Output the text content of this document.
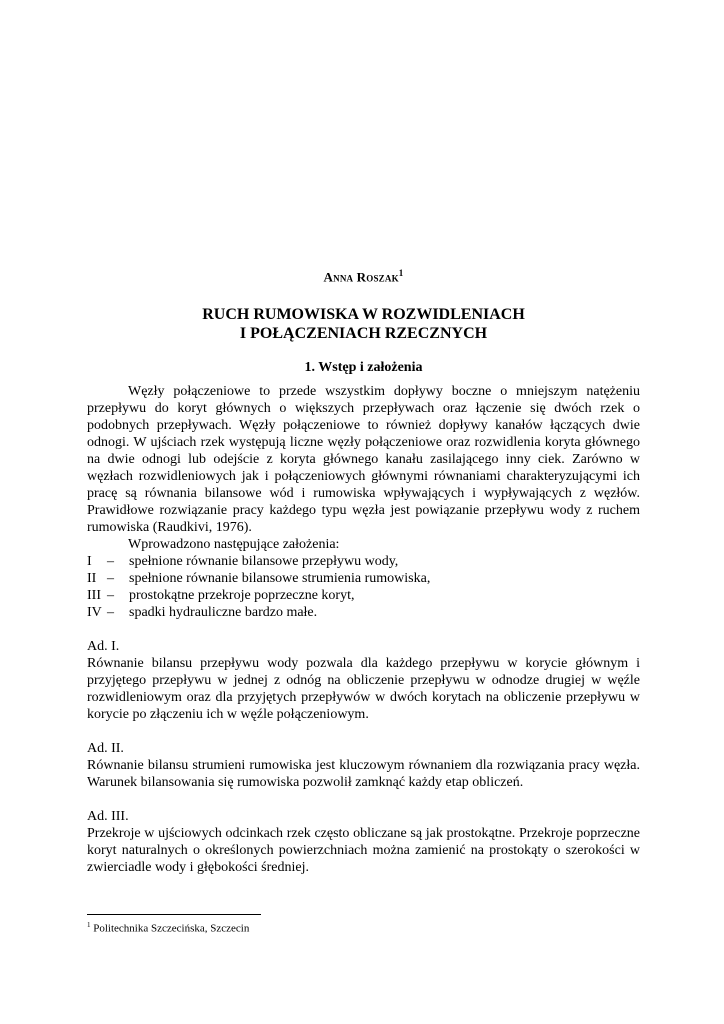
Anna Roszak$^1$
RUCH RUMOWISKA W ROZWIDLENIACH
I POŁĄCZENIACH RZECZNYCH
1. Wstęp i założenia

Węzły połączeniowe to przede wszystkim dopływy boczne o mniejszym natężeniu przepływu do koryt głównych o większych przepływach oraz łączenie się dwóch rzek o podobnych przepływach. Węzły połączeniowe to również dopływy kanałów łączących dwie odnogi. W ujściach rzek występują liczne węzły połączeniowe oraz rozwidlenia koryta głównego na dwie odnogi lub odejście z koryta głównego kanału zasilającego inny ciek. Zarówno w węzłach rozwidleniowych jak i połączeniowych głównymi równaniami charakteryzującymi ich pracę są równania bilansowe wód i rumowiska wpływających i wypływających z węzłów. Prawidłowe rozwiązanie pracy każdego typu węzła jest powiązanie przepływu wody z ruchem rumowiska (Raudkivi, 1976).

Wprowadzono następujące założenia:

I	–	spełnione równanie bilansowe przepływu wody,
II –	spełnione równanie bilansowe strumienia rumowiska,
III –	prostokątne przekroje poprzeczne koryt,
IV –	spadki hydrauliczne bardzo małe.

Ad. I.

Równanie bilansu przepływu wody pozwala dla każdego przepływu w korycie głównym i przyjętego przepływu w jednej z odnóg na obliczenie przepływu w odnodze drugiej w węźle rozwidleniowym oraz dla przyjętych przepływów w dwóch korytach na obliczenie przepływu w korycie po złączeniu ich w węźle połączeniowym.

Ad. II.

Równanie bilansu strumieni rumowiska jest kluczowym równaniem dla rozwiązania pracy węzła. Warunek bilansowania się rumowiska pozwolił zamknąć każdy etap obliczeń.

Ad. III.

Przekroje w ujściowych odcinkach rzek często obliczane są jak prostokątne. Przekroje poprzeczne koryt naturalnych o określonych powierzchniach można zamienić na prostokąty o szerokości w zwierciadle wody i głębokości średniej.

$^1$ Politechnika Szczecińska, Szczecin
